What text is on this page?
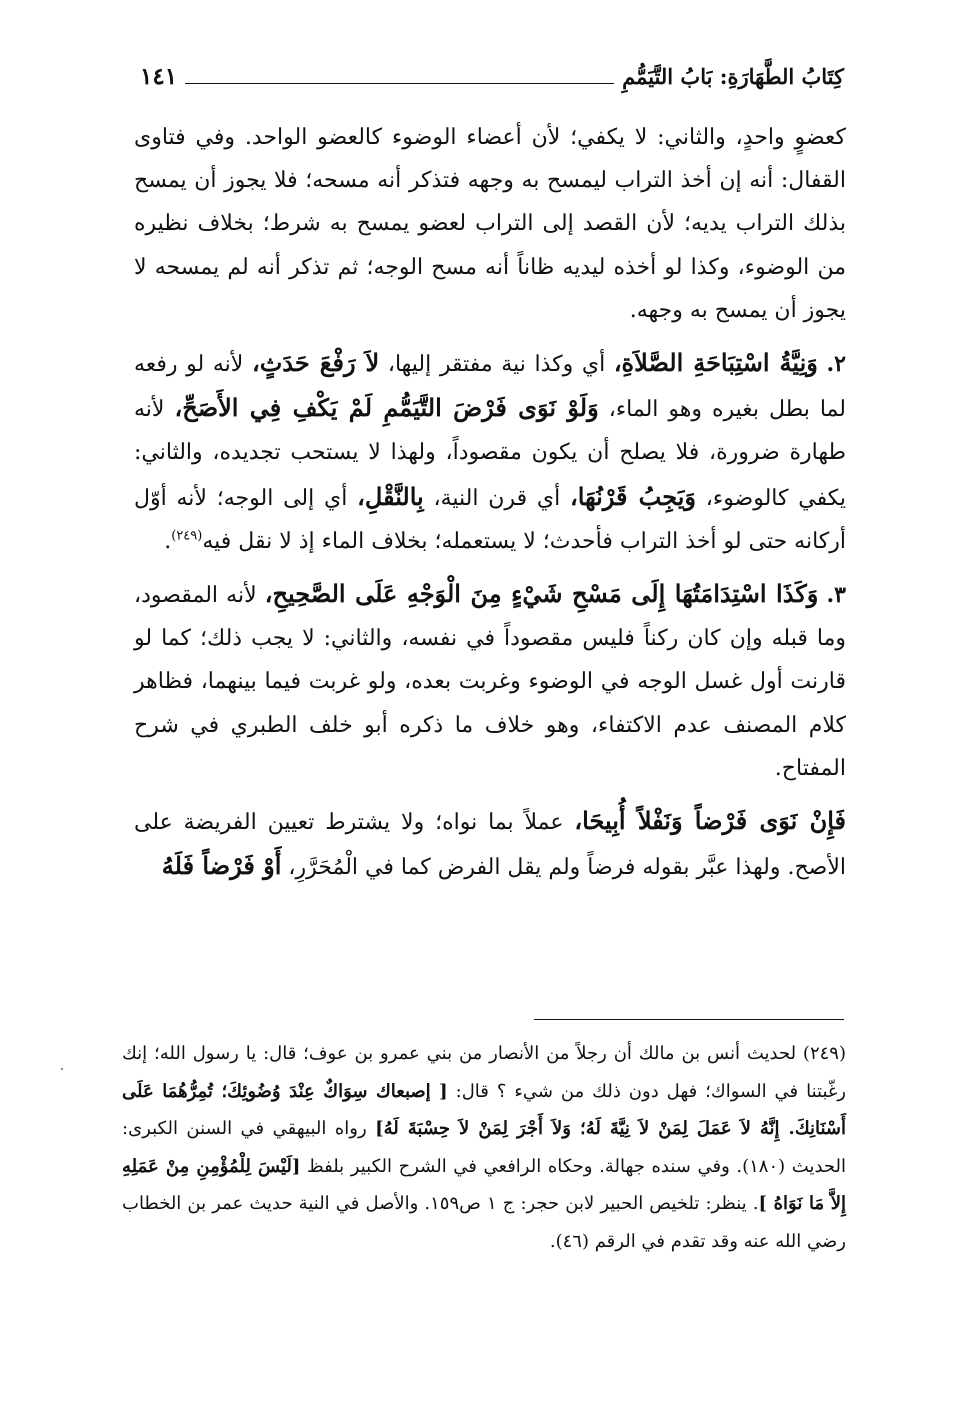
كِتَابُ الطَّهَارَةِ: بَابُ التَّيَمُّمِ
١٤١

كعضوٍ واحدٍ، والثاني: لا يكفي؛ لأن أعضاء الوضوء كالعضو الواحد. وفي فتاوى القفال: أنه إن أخذ التراب ليمسح به وجهه فتذكر أنه مسحه؛ فلا يجوز أن يمسح بذلك التراب يديه؛ لأن القصد إلى التراب لعضو يمسح به شرط؛ بخلاف نظيره من الوضوء، وكذا لو أخذه ليديه ظاناً أنه مسح الوجه؛ ثم تذكر أنه لم يمسحه لا يجوز أن يمسح به وجهه.

٢. وَنِيَّةُ اسْتِبَاحَةِ الصَّلاَةِ، أي وكذا نية مفتقر إليها، لاَ رَفْعَ حَدَثٍ، لأنه لو رفعه لما بطل بغيره وهو الماء، وَلَوْ نَوَى فَرْضَ التَّيَمُّمِ لَمْ يَكْفِ فِي الأَصَحِّ، لأنه طهارة ضرورة، فلا يصلح أن يكون مقصوداً، ولهذا لا يستحب تجديده، والثاني: يكفي كالوضوء، وَيَجِبُ قَرْنُهَا، أي قرن النية، بِالنَّقْلِ، أي إلى الوجه؛ لأنه أوّل أركانه حتى لو أخذ التراب فأحدث؛ لا يستعمله؛ بخلاف الماء إذ لا نقل فيه$^{(٢٤٩)}$.

٣. وَكَذَا اسْتِدَامَتُهَا إِلَى مَسْحِ شَيْءٍ مِنَ الْوَجْهِ عَلَى الصَّحِيحِ، لأنه المقصود، وما قبله وإن كان ركناً فليس مقصوداً في نفسه، والثاني: لا يجب ذلك؛ كما لو قارنت أول غسل الوجه في الوضوء وغربت بعده، ولو غربت فيما بينهما، فظاهر كلام المصنف عدم الاكتفاء، وهو خلاف ما ذكره أبو خلف الطبري في شرح المفتاح.

فَإِنْ نَوَى فَرْضاً وَنَفْلاً أُبِيحَا، عملاً بما نواه؛ ولا يشترط تعيين الفريضة على الأصح. ولهذا عبَّر بقوله فرضاً ولم يقل الفرض كما في الْمُحَرَّرِ، أَوْ فَرْضاً فَلَهُ

(٢٤٩) لحديث أنس بن مالك أن رجلاً من الأنصار من بني عمرو بن عوف؛ قال: يا رسول الله؛ إنك رغّبتنا في السواك؛ فهل دون ذلك من شيء ؟ قال: [ إصبعاك سِوَاكٌ عِنْدَ وُضُوئِكَ؛ تُمِرُّهُمَا عَلَى أَسْنَانِكَ. إِنَّهُ لاَ عَمَلَ لِمَنْ لاَ نِيَّةَ لَهُ؛ وَلاَ أَجْرَ لِمَنْ لاَ حِسْبَةَ لَهُ] رواه البيهقي في السنن الكبرى: الحديث (١٨٠). وفي سنده جهالة. وحكاه الرافعي في الشرح الكبير بلفظ [لَيْسَ لِلْمُؤْمِنِ مِنْ عَمَلِهِ إِلاَّ مَا نَوَاهُ ]. ينظر: تلخيص الحبير لابن حجر: ج ١ ص١٥٩. والأصل في النية حديث عمر بن الخطاب رضي الله عنه وقد تقدم في الرقم (٤٦).
